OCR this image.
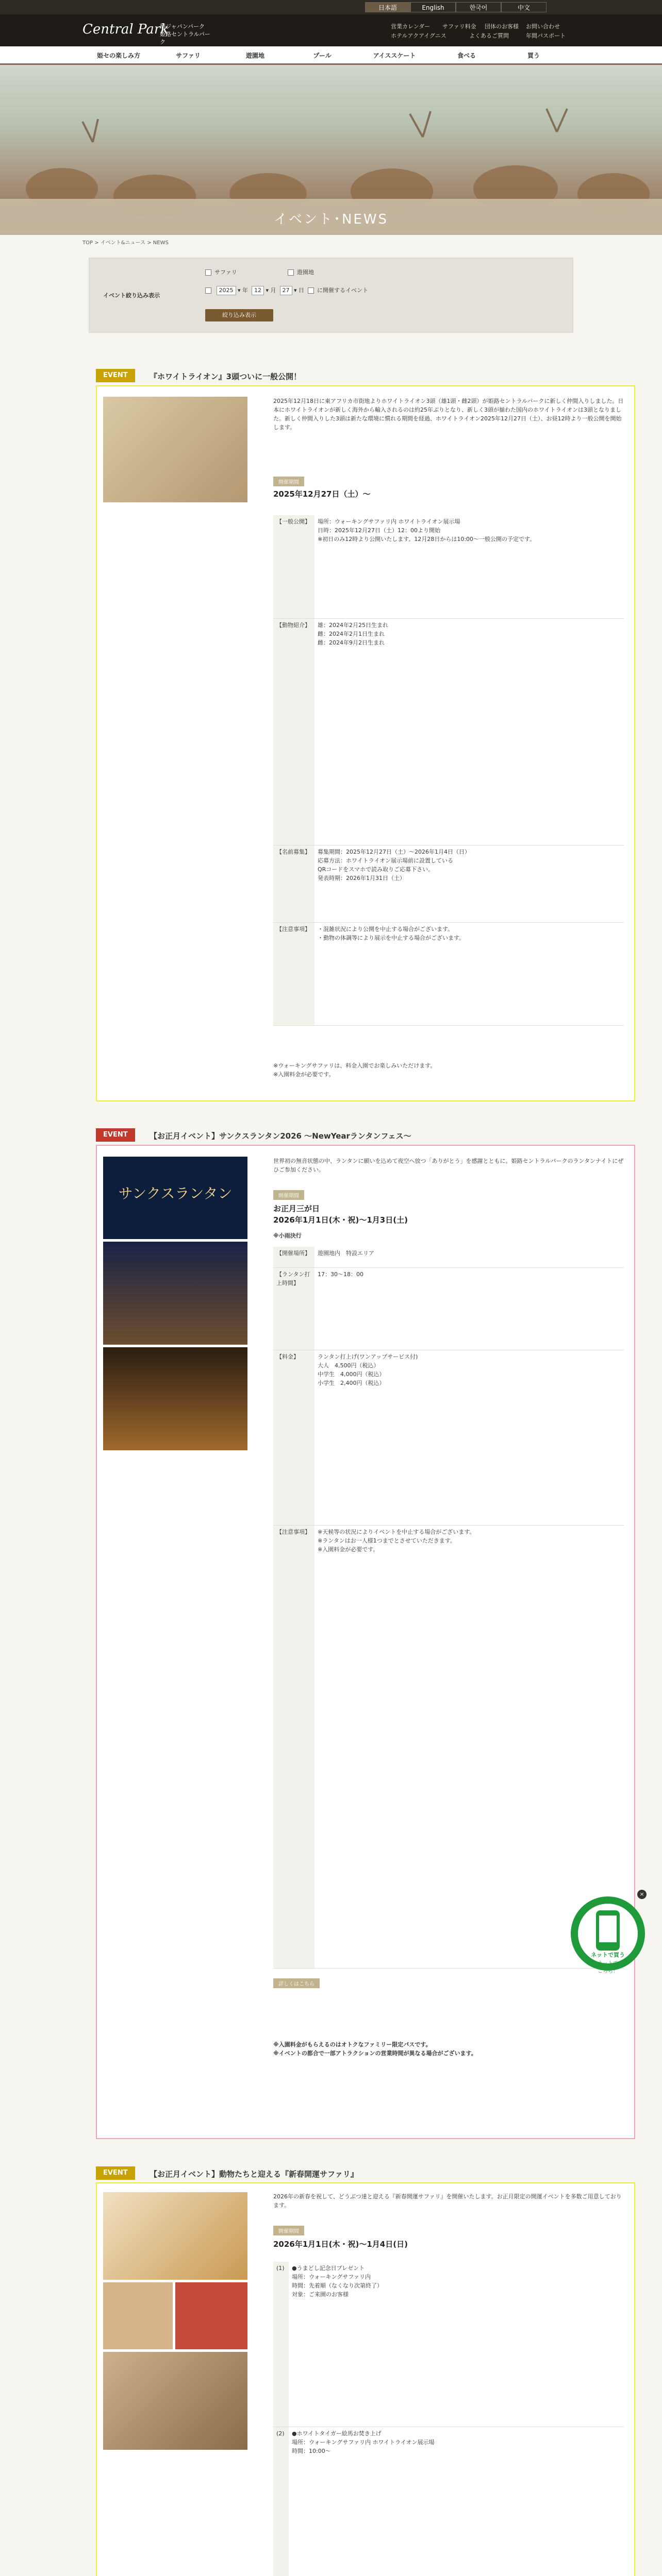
日本語	English	한국어	中文
Central Park
旭ジャパンパーク
姫路セントラルパーク
営業カレンダー サファリ料金 団体のお客様 お問い合わせ
ホテルアクアイグニス	よくあるご質問	年間パスポート
姫セの楽しみ方	サファリ	遊園地	プール	アイススケート	食べる	買う
イベント･NEWS
TOP > イベント&ニュース > NEWS
イベント絞り込み表示
サファリ	遊園地
2025 ▾ 年 12 ▾ 月 27 ▾ 日 に開催するイベント
絞り込み表示
EVENT	『ホワイトライオン』3頭ついに一般公開！
2025年12月18日に東アフリカ市街地よりホワイトライオン3頭（雄1頭・雌2頭）が姫路セントラルパークに新しく仲間入りしました。日本にホワイトライオンが新しく海外から輸入されるのは約25年ぶりとなり、新しく3頭が揃わた国内のホワイトライオンは3頭となりました。新しく仲間入りした3頭は新たな環境に慣れる期間を経過、ホワイトライオン2025年12月27日（土）、お昼12時より一般公開を開始します。
開催期間
2025年12月27日（土）～
【一般公開】	場所：ウォーキングサファリ内 ホワイトライオン展示場
日時：2025年12月27日（土）12：00より開始
※初日のみ12時より公開いたします。12月28日からは10:00～一般公開の予定です。
【動物紹介】	雄：2024年2月25日生まれ
雌：2024年2月1日生まれ
雌：2024年9月2日生まれ
【名前募集】	募集期間：2025年12月27日（土）～2026年1月4日（日）
応募方法：ホワイトライオン展示場前に設置している
QRコードをスマホで読み取りご応募下さい。
発表時期：2026年1月31日（土）
【注意事項】	・混雑状況により公開を中止する場合がございます。
・動物の体調等により展示を中止する場合がございます。
※ウォーキングサファリは、料金入園でお楽しみいただけます。
※入園料金が必要です。
EVENT	【お正月イベント】サンクスランタン2026 ～NewYearランタンフェス～
サンクスランタン
世界初の無音状態の中、ランタンに願いを込めて夜空へ放つ「ありがとう」を感謝とともに。姫路セントラルパークのランタンナイトにぜひご参加ください。
開催期間
お正月三が日
2026年1月1日(木・祝)～1月3日(土)
※小雨決行
【開催場所】	遊園地内　特設エリア
【ランタン打上時間】	17：30～18：00
【料金】	ランタン打上げ(ワンアップサービス付)
大人　4,500円（税込）
中学生　4,000円（税込）
小学生　2,400円（税込）
【注意事項】	※天候等の状況によりイベントを中止する場合がございます。
※ランタンはお一人様1つまでとさせていただきます。
※入園料金が必要です。
詳しくはこちら
※入園料金がもらえるのはオトクなファミリー限定パスです。
※イベントの都合で一部アトラクションの営業時間が異なる場合がございます。
ネットで買う
ネットで
こちら！
×
EVENT	【お正月イベント】動物たちと迎える『新春開運サファリ』
2026年の新春を祝して、どうぶつ達と迎える『新春開運サファリ』を開催いたします。お正月限定の開運イベントを多数ご用意しております。
開催期間
2026年1月1日(木・祝)～1月4日(日)
(1)	●うまどし記念日プレゼント
場所：ウォーキングサファリ内
時間：先着順（なくなり次第終了）
対象：ご来園のお客様
(2)	●ホワイトタイガー絵馬お焚き上げ
場所：ウォーキングサファリ内 ホワイトライオン展示場
時間：10:00～
